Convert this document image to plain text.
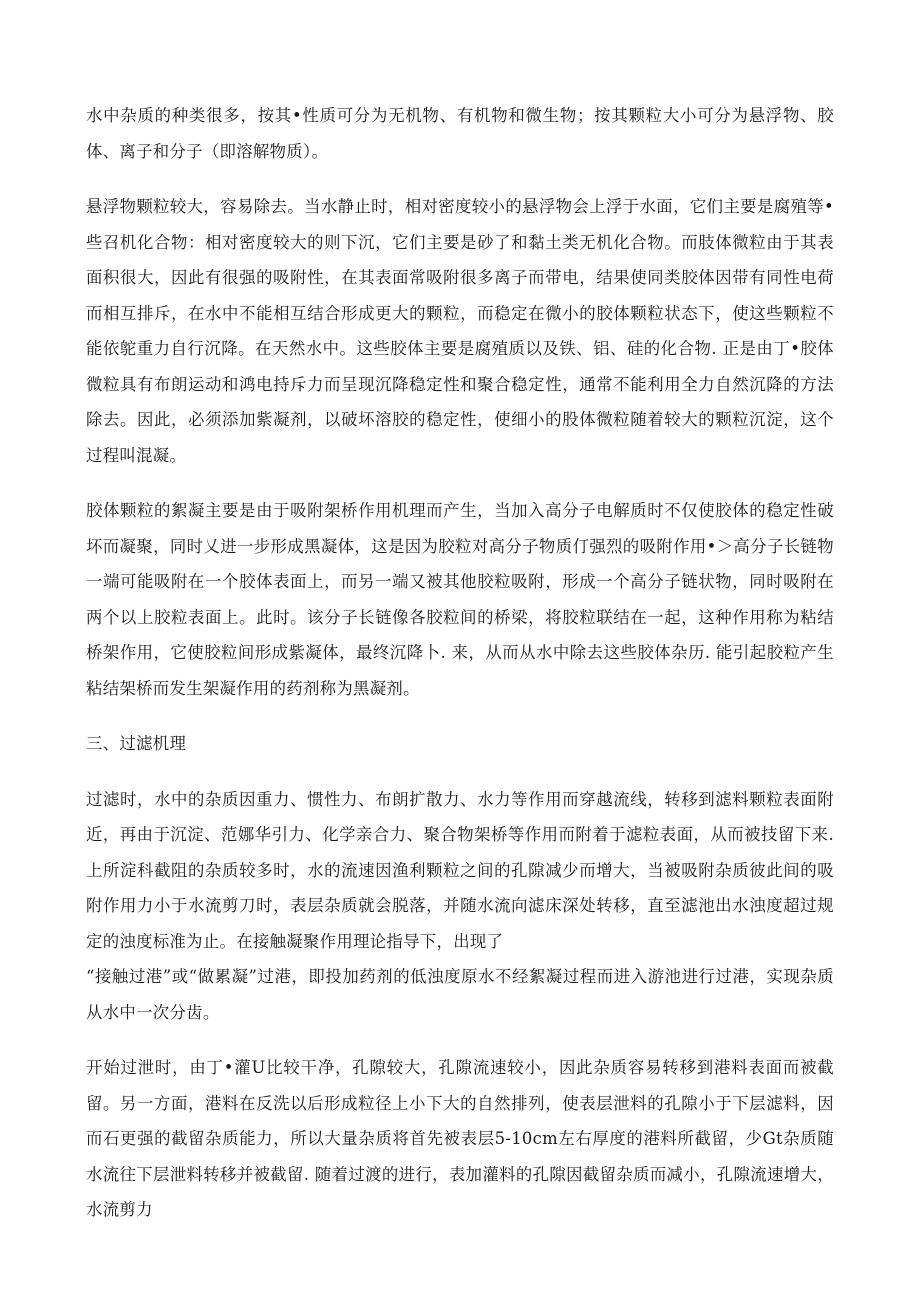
水中杂质的种类很多，按其•性质可分为无机物、有机物和微生物；按其颗粒大小可分为悬浮物、胶体、离子和分子（即溶解物质）。

悬浮物颗粒较大，容易除去。当水静止时，相对密度较小的悬浮物会上浮于水面，它们主要是腐殖等•些召机化合物：相对密度较大的则下沉，它们主要是砂了和黏土类无机化合物。而肢体微粒由于其表面积很大，因此有很强的吸附性，在其表面常吸附很多离子而带电，结果使同类胶体因带有同性电荷而相互排斥，在水中不能相互结合形成更大的颗粒，而稳定在微小的胶体颗粒状态下，使这些颗粒不能依鸵重力自行沉降。在天然水中。这些胶体主要是腐殖质以及铁、铝、硅的化合物. 正是由丁•胶体微粒具有布朗运动和鸿电持斥力而呈现沉降稳定性和聚合稳定性，通常不能利用全力自然沉降的方法除去。因此，必须添加紫凝剂，以破坏溶胶的稳定性，使细小的股体微粒随着较大的颗粒沉淀，这个过程叫混凝。

胶体颗粒的絮凝主要是由于吸附架桥作用机理而产生，当加入高分子电解质时不仅使胶体的稳定性破坏而凝聚，同时乂进一步形成黑凝体，这是因为胶粒对高分子物质仃强烈的吸附作用•＞高分子长链物一端可能吸附在一个胶体表面上，而另一端又被其他胶粒吸附，形成一个高分子链状物，同时吸附在两个以上胶粒表面上。此时。该分子长链像各胶粒间的桥梁，将胶粒联结在一起，这种作用称为粘结桥架作用，它使胶粒间形成紫凝体，最终沉降卜. 来，从而从水中除去这些胶体杂历. 能引起胶粒产生粘结架桥而发生架凝作用的药剂称为黑凝剂。

三、过滤机理

过滤时，水中的杂质因重力、惯性力、布朗扩散力、水力等作用而穿越流线，转移到滤料颗粒表面附近，再由于沉淀、范娜华引力、化学亲合力、聚合物架桥等作用而附着于滤粒表面，从而被技留下来. 上所淀科截阻的杂质较多时，水的流速因渔利颗粒之间的孔隙减少而增大，当被吸附杂质彼此间的吸附作用力小于水流剪刀时，表层杂质就会脱落，并随水流向滤床深处转移，直至滤池出水浊度超过规定的浊度标准为止。在接触凝聚作用理论指导下，出现了

“接触过港”或“做累凝”过港，即投加药剂的低浊度原水不经絮凝过程而进入游池进行过港，实现杂质从水中一次分齿。

开始过泄时，由丁•灌U比较干净，孔隙较大，孔隙流速较小，因此杂质容易转移到港料表面而被截留。另一方面，港料在反洗以后形成粒径上小下大的自然排列，使表层泄料的孔隙小于下层滤料，因而石更强的截留杂质能力，所以大量杂质将首先被表层5-10cm左右厚度的港料所截留，少Gt杂质随水流往下层泄料转移并被截留. 随着过渡的进行，表加灌料的孔隙因截留杂质而减小，孔隙流速增大，水流剪力
